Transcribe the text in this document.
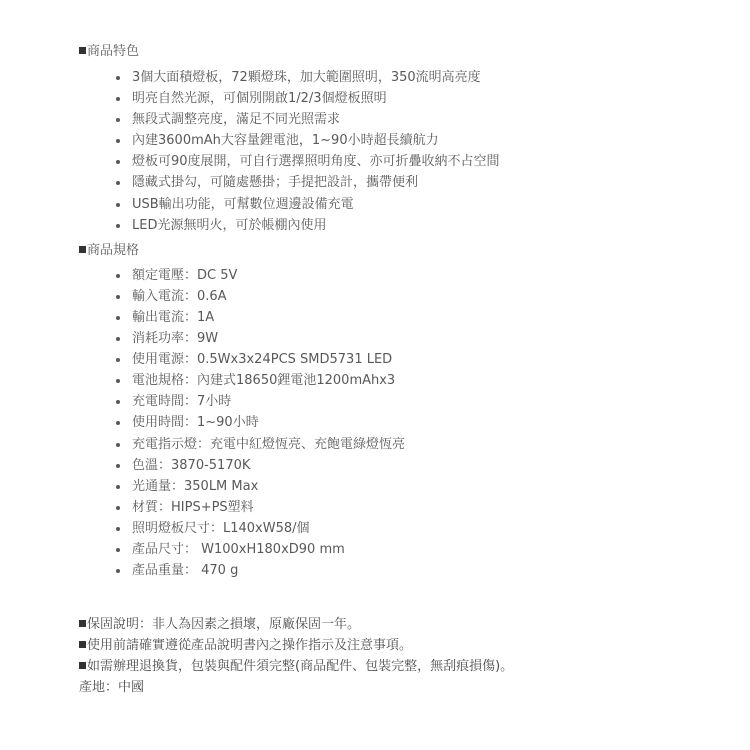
商品特色
3個大面積燈板，72顆燈珠，加大範圍照明，350流明高亮度
明亮自然光源，可個別開啟1/2/3個燈板照明
無段式調整亮度，滿足不同光照需求
內建3600mAh大容量鋰電池，1~90小時超長續航力
燈板可90度展開，可自行選擇照明角度、亦可折疊收納不占空間
隱藏式掛勾，可隨處懸掛；手提把設計，攜帶便利
USB輸出功能，可幫數位週邊設備充電
LED光源無明火，可於帳棚內使用
商品規格
額定電壓：DC 5V
輸入電流：0.6A
輸出電流：1A
消耗功率：9W
使用電源：0.5Wx3x24PCS SMD5731 LED
電池規格：內建式18650鋰電池1200mAhx3
充電時間：7小時
使用時間：1~90小時
充電指示燈：充電中紅燈恆亮、充飽電綠燈恆亮
色溫：3870-5170K
光通量：350LM Max
材質：HIPS+PS塑料
照明燈板尺寸：L140xW58/個
產品尺寸： W100xH180xD90 mm
產品重量： 470 g
保固說明：非人為因素之損壞，原廠保固一年。
使用前請確實遵從產品說明書內之操作指示及注意事項。
如需辦理退換貨，包裝與配件須完整(商品配件、包裝完整，無刮痕損傷)。
產地：中國
